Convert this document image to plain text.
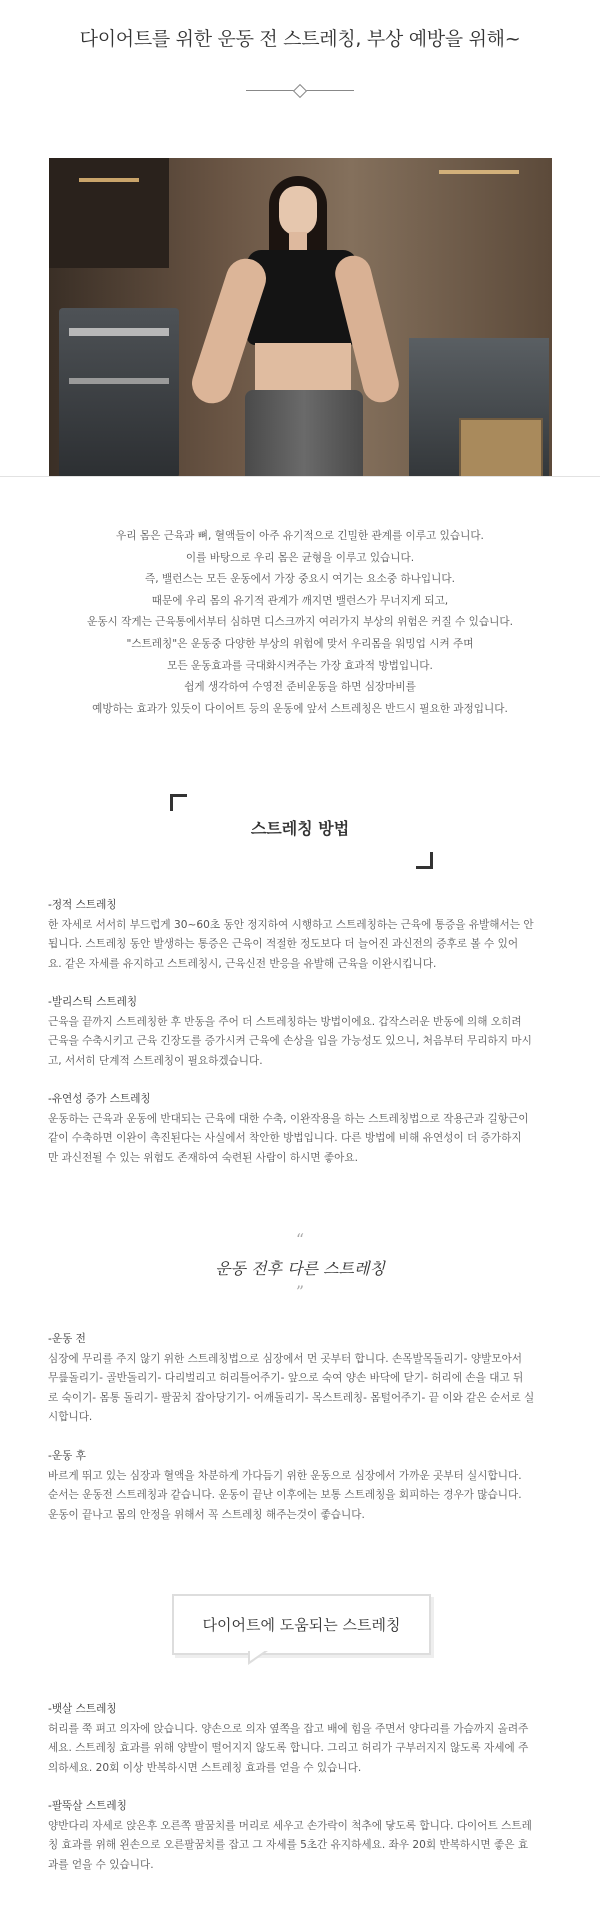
다이어트를 위한 운동 전 스트레칭, 부상 예방을 위해~
우리 몸은 근육과 뼈, 혈액들이 아주 유기적으로 긴밀한 관계를 이루고 있습니다.
이를 바탕으로 우리 몸은 균형을 이루고 있습니다.
즉, 밸런스는 모든 운동에서 가장 중요시 여기는 요소중 하나입니다.
때문에 우리 몸의 유기적 관계가 깨지면 밸런스가 무너지게 되고,
운동시 작게는 근육통에서부터 심하면 디스크까지 여러가지 부상의 위험은 커질 수 있습니다.
"스트레칭"은 운동중 다양한 부상의 위험에 맞서 우리몸을 워밍업 시켜 주며
모든 운동효과를 극대화시켜주는 가장 효과적 방법입니다.
쉽게 생각하여 수영전 준비운동을 하면 심장마비를
예방하는 효과가 있듯이 다이어트 등의 운동에 앞서 스트레칭은 반드시 필요한 과정입니다.
스트레칭 방법
-정적 스트레칭
한 자세로 서서히 부드럽게 30~60초 동안 정지하여 시행하고 스트레칭하는 근육에 통증을 유발해서는 안
됩니다. 스트레칭 동안 발생하는 통증은 근육이 적절한 정도보다 더 늘어진 과신전의 증후로 볼 수 있어
요. 같은 자세를 유지하고 스트레칭시, 근육신전 반응을 유발해 근육을 이완시킵니다.
-발리스틱 스트레칭
근육을 끝까지 스트레칭한 후 반동을 주어 더 스트레칭하는 방법이에요. 갑작스러운 반동에 의해 오히려
근육을 수축시키고 근육 긴장도를 증가시켜 근육에 손상을 입을 가능성도 있으니, 처음부터 무리하지 마시
고, 서서히 단계적 스트레칭이 필요하겠습니다.
-유연성 증가 스트레칭
운동하는 근육과 운동에 반대되는 근육에 대한 수축, 이완작용을 하는 스트레칭법으로 작용근과 길항근이
같이 수축하면 이완이 촉진된다는 사실에서 착안한 방법입니다. 다른 방법에 비해 유연성이 더 증가하지
만 과신전될 수 있는 위험도 존재하여 숙련된 사람이 하시면 좋아요.
“
운동 전후 다른 스트레칭
”
-운동 전
심장에 무리를 주지 않기 위한 스트레칭법으로 심장에서 먼 곳부터 합니다. 손목발목돌리기- 양발모아서
무릎돌리기- 골반돌리기- 다리벌리고 허리틀어주기- 앞으로 숙여 양손 바닥에 닫기- 허리에 손을 대고 뒤
로 숙이기- 몸통 돌리기- 팔꿈치 잡아당기기- 어깨돌리기- 목스트레칭- 몸털어주기- 끝 이와 같은 순서로 실
시합니다.
-운동 후
바르게 뛰고 있는 심장과 혈액을 차분하게 가다듬기 위한 운동으로 심장에서 가까운 곳부터 실시합니다.
순서는 운동전 스트레칭과 같습니다. 운동이 끝난 이후에는 보통 스트레칭을 회피하는 경우가 많습니다.
운동이 끝나고 몸의 안정을 위해서 꼭 스트레칭 해주는것이 좋습니다.
다이어트에 도움되는 스트레칭
-뱃살 스트레칭
허리를 쭉 펴고 의자에 앉습니다. 양손으로 의자 옆쪽을 잡고 배에 힘을 주면서 양다리를 가슴까지 올려주
세요. 스트레칭 효과를 위해 양발이 떨어지지 않도록 합니다. 그리고 허리가 구부러지지 않도록 자세에 주
의하세요. 20회 이상 반복하시면 스트레칭 효과를 얻을 수 있습니다.
-팔뚝살 스트레칭
양반다리 자세로 앉은후 오른쪽 팔꿈치를 머리로 세우고 손가락이 척추에 닿도록 합니다. 다이어트 스트레
칭 효과를 위해 왼손으로 오른팔꿈치를 잡고 그 자세를 5초간 유지하세요. 좌우 20회 반복하시면 좋은 효
과를 얻을 수 있습니다.
